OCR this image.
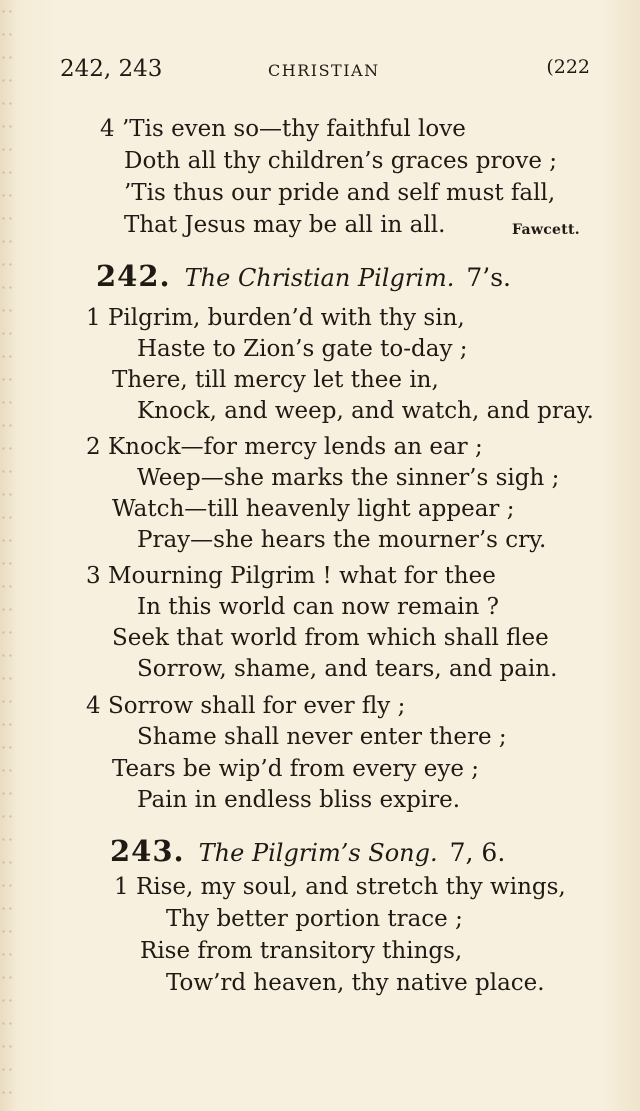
242, 243	CHRISTIAN	(222
4 ’Tis even so—thy faithful love
Doth all thy children’s graces prove ;
’Tis thus our pride and self must fall,
That Jesus may be all in all.	Fawcett.
242. The Christian Pilgrim. 7’s.
1 Pilgrim, burden’d with thy sin,
Haste to Zion’s gate to-day ;
There, till mercy let thee in,
Knock, and weep, and watch, and pray.
2 Knock—for mercy lends an ear ;
Weep—she marks the sinner’s sigh ;
Watch—till heavenly light appear ;
Pray—she hears the mourner’s cry.
3 Mourning Pilgrim ! what for thee
In this world can now remain ?
Seek that world from which shall flee
Sorrow, shame, and tears, and pain.
4 Sorrow shall for ever fly ;
Shame shall never enter there ;
Tears be wip’d from every eye ;
Pain in endless bliss expire.
243. The Pilgrim’s Song. 7, 6.
1 Rise, my soul, and stretch thy wings,
Thy better portion trace ;
Rise from transitory things,
Tow’rd heaven, thy native place.
